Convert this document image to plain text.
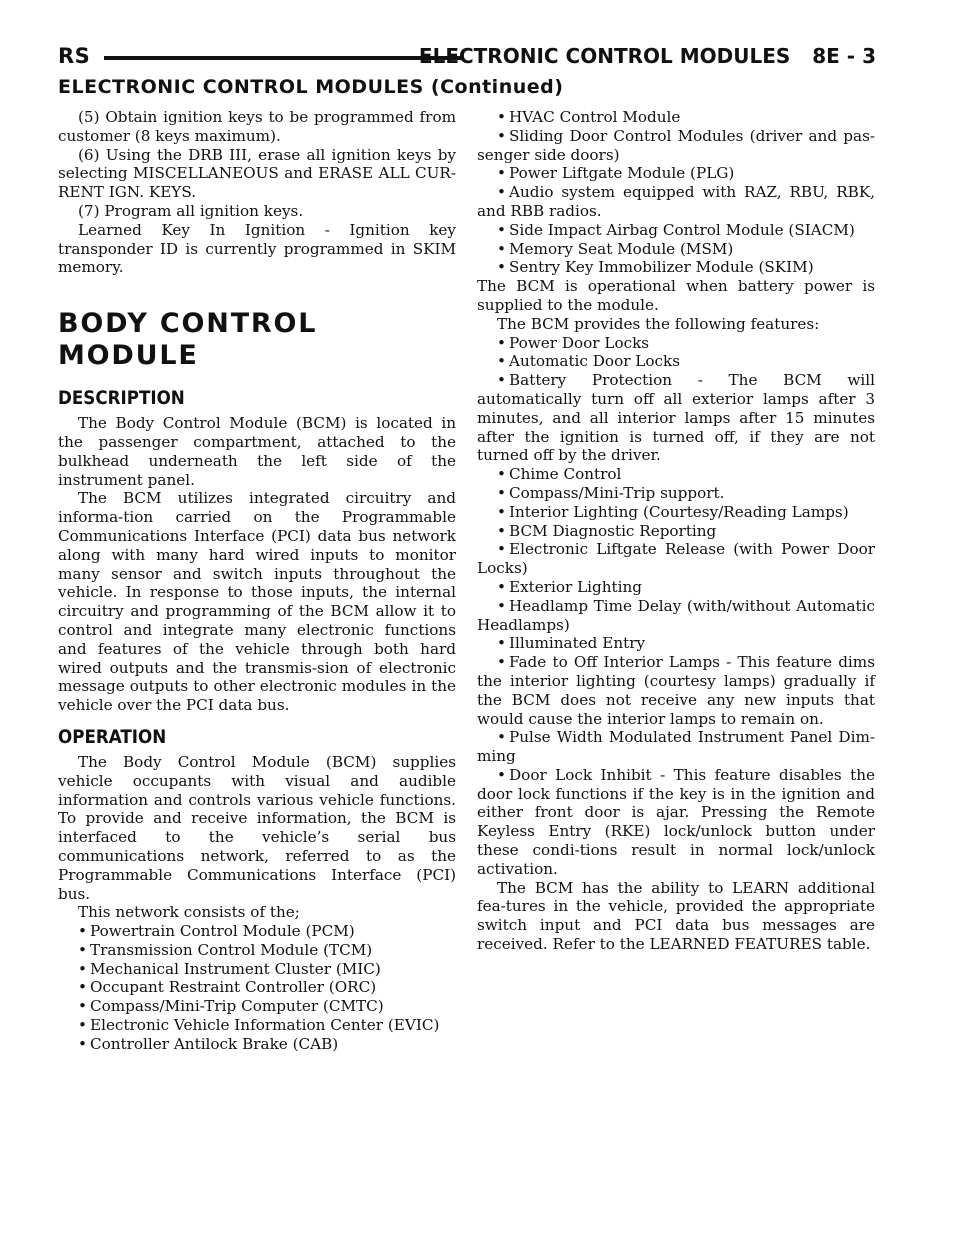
RS	ELECTRONIC CONTROL MODULES 8E - 3
ELECTRONIC CONTROL MODULES (Continued)

(5) Obtain ignition keys to be programmed from customer (8 keys maximum).

(6) Using the DRB III, erase all ignition keys by selecting MISCELLANEOUS and ERASE ALL CUR-RENT IGN. KEYS.

(7) Program all ignition keys.

Learned Key In Ignition - Ignition key transponder ID is currently programmed in SKIM memory.

BODY CONTROL MODULE
DESCRIPTION

The Body Control Module (BCM) is located in the passenger compartment, attached to the bulkhead underneath the left side of the instrument panel.

The BCM utilizes integrated circuitry and informa-tion carried on the Programmable Communications Interface (PCI) data bus network along with many hard wired inputs to monitor many sensor and switch inputs throughout the vehicle. In response to those inputs, the internal circuitry and programming of the BCM allow it to control and integrate many electronic functions and features of the vehicle through both hard wired outputs and the transmis-sion of electronic message outputs to other electronic modules in the vehicle over the PCI data bus.

OPERATION

The Body Control Module (BCM) supplies vehicle occupants with visual and audible information and controls various vehicle functions. To provide and receive information, the BCM is interfaced to the vehicle’s serial bus communications network, referred to as the Programmable Communications Interface (PCI) bus.

This network consists of the;

• Powertrain Control Module (PCM)

• Transmission Control Module (TCM)

• Mechanical Instrument Cluster (MIC)

• Occupant Restraint Controller (ORC)

• Compass/Mini-Trip Computer (CMTC)

• Electronic Vehicle Information Center (EVIC)

• Controller Antilock Brake (CAB)

• HVAC Control Module

• Sliding Door Control Modules (driver and pas-senger side doors)

• Power Liftgate Module (PLG)

• Audio system equipped with RAZ, RBU, RBK, and RBB radios.

• Side Impact Airbag Control Module (SIACM)

• Memory Seat Module (MSM)

• Sentry Key Immobilizer Module (SKIM)

The BCM is operational when battery power is supplied to the module.

The BCM provides the following features:

• Power Door Locks

• Automatic Door Locks

• Battery Protection - The BCM will automatically turn off all exterior lamps after 3 minutes, and all interior lamps after 15 minutes after the ignition is turned off, if they are not turned off by the driver.

• Chime Control

• Compass/Mini-Trip support.

• Interior Lighting (Courtesy/Reading Lamps)

• BCM Diagnostic Reporting

• Electronic Liftgate Release (with Power Door Locks)

• Exterior Lighting

• Headlamp Time Delay (with/without Automatic Headlamps)

• Illuminated Entry

• Fade to Off Interior Lamps - This feature dims the interior lighting (courtesy lamps) gradually if the BCM does not receive any new inputs that would cause the interior lamps to remain on.

• Pulse Width Modulated Instrument Panel Dim-ming

• Door Lock Inhibit - This feature disables the door lock functions if the key is in the ignition and either front door is ajar. Pressing the Remote Keyless Entry (RKE) lock/unlock button under these condi-tions result in normal lock/unlock activation.

The BCM has the ability to LEARN additional fea-tures in the vehicle, provided the appropriate switch input and PCI data bus messages are received. Refer to the LEARNED FEATURES table.
